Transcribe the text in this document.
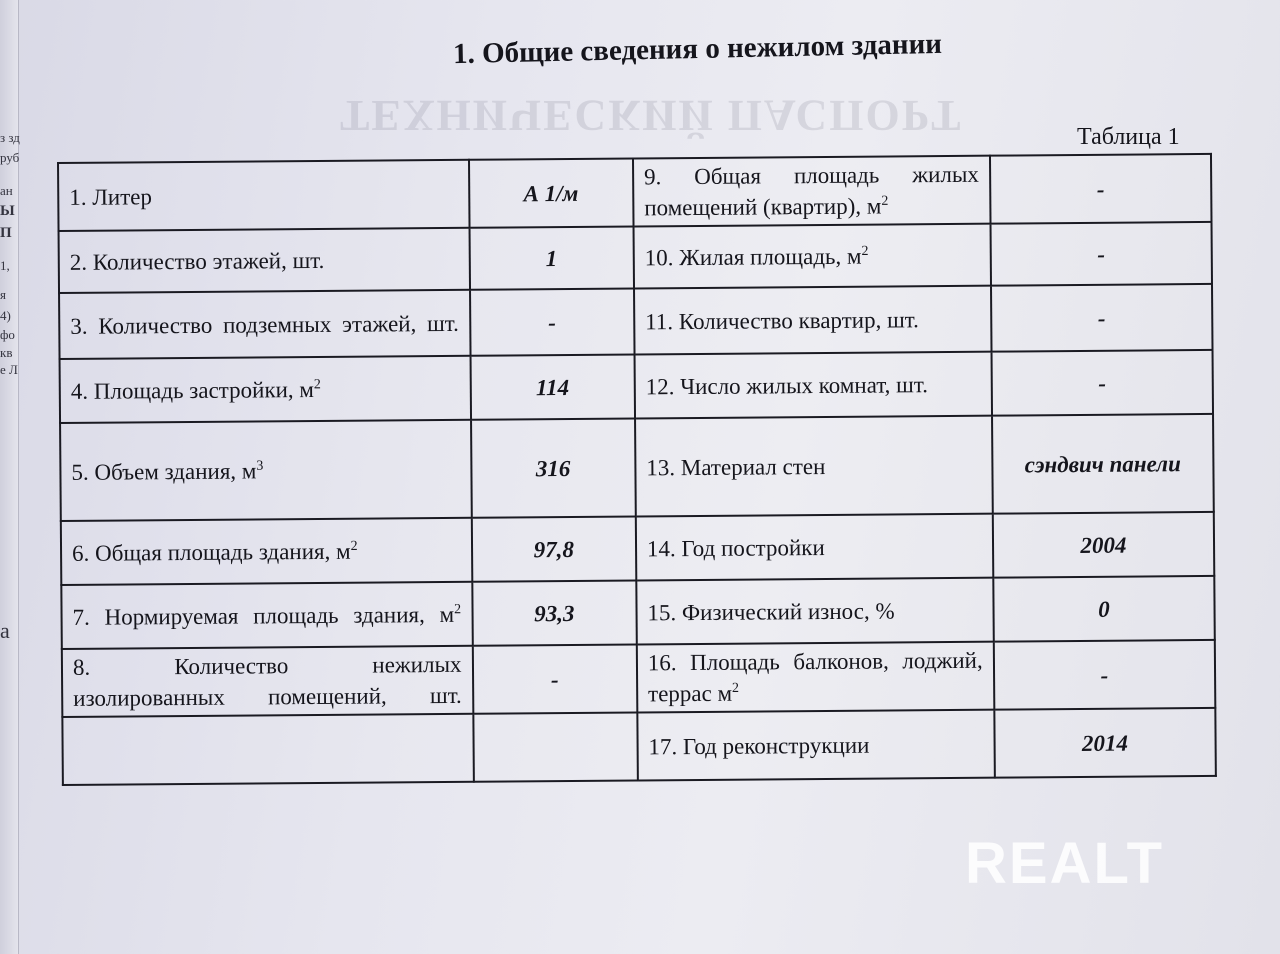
з зд
руб
ан
Ы
П
1,
я
4)
фо
кв
е Л
а
ТЕХНИЧЕСКИЙ ПАСПОРТ
1. Общие сведения о нежилом здании
Таблица 1
1. Литер	А 1/м	9. Общая площадь жилых помещений (квартир), $м^2$	-
2. Количество этажей, шт.	1	10. Жилая площадь, $м^2$	-
3. Количество подземных этажей, шт.	-	11. Количество квартир, шт.	-
4. Площадь застройки, $м^2$	114	12. Число жилых комнат, шт.	-
5. Объем здания, $м^3$	316	13. Материал стен	сэндвич панели
6. Общая площадь здания, $м^2$	97,8	14. Год постройки	2004
7. Нормируемая площадь здания, $м^2$	93,3	15. Физический износ, %	0
8. Количество нежилых изолированных помещений, шт.	-	16. Площадь балконов, лоджий, террас $м^2$	-
		17. Год реконструкции	2014
REALT
